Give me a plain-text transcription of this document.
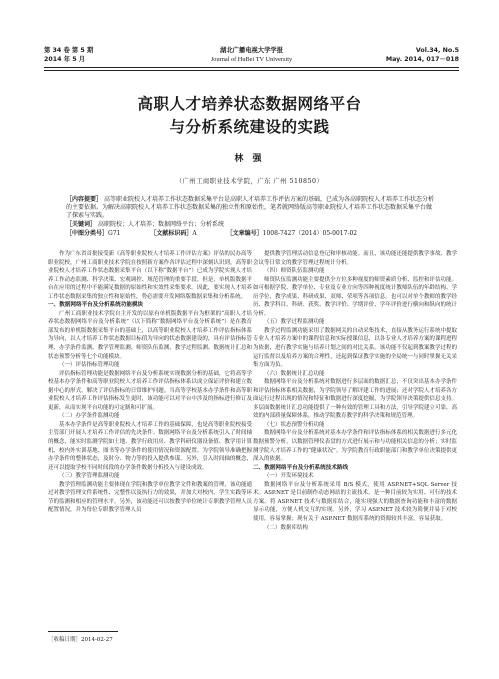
第 34 卷 第 5 期
2014 年 5 月
湖北广播电视大学学报
Journal of HuBei TV University
Vol.34, No.5
May. 2014, 017－018
高职人才培养状态数据网络平台
与分析系统建设的实践
林 强
（广州工商职业技术学院，广东 广州 510850）
［内容提要］ 高等职业院校人才培养工作状态数据采集平台是高职人才培养工作评估方案的基础，已成为各高职院校人才培养工作状态分析的主要依据。为解决高职院校人才培养工作状态数据采集的独立性和原始性，笔者就网络版高等职业院校人才培养工作状态数据采集平台做了探索与实践。
［关键词］ 高职院校；人才培养；数据网络平台；分析系统
［中图分类号］G71	［文献标识码］A	［文章编号］1008-7427（2014）05-0017-02

作为广东省首批接受新《高等职业院校人才培养工作评估方案》评估的民办高等职业院校，广州工商职业技术学院在按照新方案作各评估过程中深刻认识到，高等职业院校人才培养工作状态数据采集平台（以下称“数据平台”）已成为学院实现人才培养工作动态监测、科学决策、宏观调控、规范管理的重要手段。但是，单机版数据平台在应用的过程中不能满足数据的原始性和实效性采集要求。因此，要实现人才培养工作状态数据采集的独立性和原始性，势必需要开发网络版数据采集和分析系统。

一、数据网络平台及分析系统功能模块

广州工商职业技术学院自主开发的以原有单机版数据平台为框架的“高职人才培养状态数据网络平台及分析系统”（以下简称“数据网络平台及分析系统”）是在教育部发布的单机版数据采集平台的基础上，以高等职业院校人才培养工作评估指标体系为导向，以人才培养工作状态数据目标值为导向的状态数据建设的，具有评估指标管理、办学条件监测、教学管理监测、师资队伍监测、教学过程监测、数据统计汇总和状态预警分析等七个功能模块。

（一）评估指标管理功能

评估指标管理功能是数据网络平台及分析系统实现数据分析的基础，它将高等学校基本办学条件和高等职业院校人才培养工作评估指标体系以成立保证评价和建立数据中心的形式，解决了评估指标的日常维护问题。当高等学校基本办学条件和高等职业院校人才培养工作评估指标发生更时，该功能可以对平台中涉及的指标进行修订及更新，从而实现平台功能的可定制和可扩展。

（二）办学条件监测功能

基本办学条件是高等职业院校人才培养工作的基础保障，也是高等职业院校接受主管部门开展人才培养工作评估的先决条件。数据网络平台及分析系统引入了时间轴的概念，能实时监测学院如土地、教学行政用房、教学科研仪器设备值、教学用计算机、校内外实训基地、图书等办学条件的使用情况和资源配置。为学院领导准确把握办学条件的整体状态，及时分、物力等的投入提供参谋。另外，引入时间轴的概念，还可以提取学校不同时间段的办学条件数据分析投入与建设成效。

（三）教学管理监测功能

教学管理监测功能主要体现在学院和教学单位教学文件和教案的管理，该功能通过对教学管理文件系统性、完整性以及执行力的效果，并加大对校内、学生实践等环节的监测和相应的管理水平。另外，该功能还可以按教学单位统计专职教学管理人员配置情况，并为每位专职教学管理人员

提供教学管理活动信息登记和审核功能。而且，该功能还能提供教学事故、教学会议等日常文的教学管理过程统计分析。

（四）师资队伍监测功能

师资队伍监测功能主要提供全方位多种视度的师资素质分析、监控和评估功能。如可根据学院、教学单位、专业及专业方向等四种视度统计教师队伍的年龄结构、学历学位、教学成果、科研成果、双师、荣项等各项信息。也可以对单个教师的教学经历、教学科目、科研、获奖、教学评价、学期评价、学年评价进行横向和纵向的统计分析。

（五）教学过程监测功能

教学过程监测功能采用了数据网关的自动采集技术，直接从教务运行系统中提取专业人才培养方案中的课程信息和实际授课信息，以各专业人才培养方案的课程进程为依据，进行教学实施与培养计划之间的对比关系。该功能不仅起到教案教学过程的运行监督以及培养方案的合理性，还起到保证教学实施的全局统一与同时掌握无关采集方面为负。

（六）数据统计汇总功能

数据网络平台及分析系统对数据进行多层面的数据汇总，不仅突出基本办学条件和评估指标体系相关数据，为学院领导了解评建工作的进展；还对学院人才培养各方面运行过程出现的情况和特征和数据进行深度挖掘，为学院领导决策提供信息支持。多层面数据统计汇总功能提供了一种有效的管理工具和方法，引导学院建立可靠，高效的内部质量保障体系，推动学院教育教学的科学决策和规范管理。

（七）状态预警分析功能

数据网络平台及分析系统对基本办学条件和评估指标体系的相关数据进行多元化数据预警分析，以数据管理仪表盘的方式进行展示和与功能相关信息的分析；实时监测学院人才培养工作的“健康状况”。为学院教育行政职能部门和教学单位决策提供更深入的依据。

二、数据网络平台及分析系统技术路线

（一）开发环境技术

数据网络平台及分析系统采用 B/S 模式，使用 ASP.NET+SQL Server 技术。ASP.NET 是目前制作动态网站的主流技术。是一种目前较为实用、可行的技术方案。将 ASP.NET 技术与数据库结合，能实现强大的数据查询功能和丰富的数据显示功能，方便人机交互的实现。另外，学习 ASP.NET 技术较为简便并易于对校使用，容易掌握；现有关于 ASP.NET 数据库系统的资源较其丰富，容易获取。

（二）数据库结构

［收稿日期］2014-02-27
